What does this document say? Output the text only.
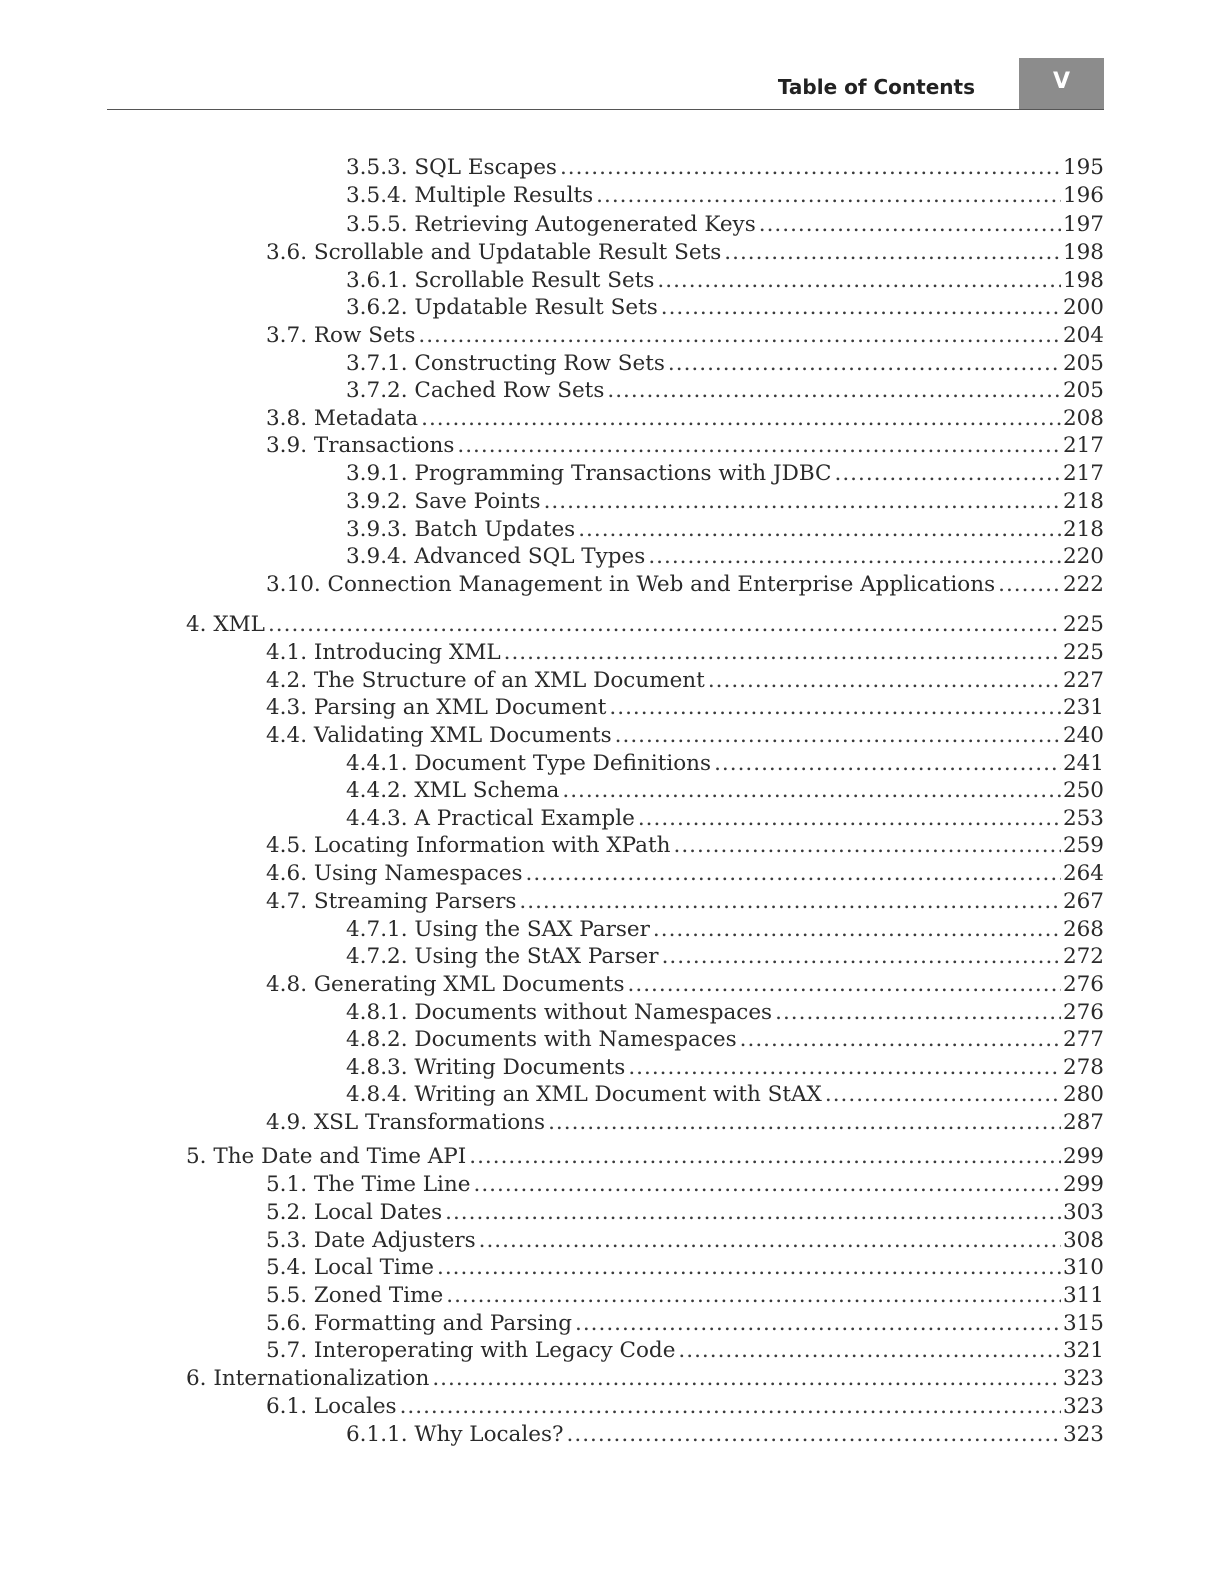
Table of Contents	V
3.5.3. SQL Escapes .....	195
3.5.4. Multiple Results .....	196
3.5.5. Retrieving Autogenerated Keys .....	197
3.6. Scrollable and Updatable Result Sets .....	198
3.6.1. Scrollable Result Sets .....	198
3.6.2. Updatable Result Sets .....	200
3.7. Row Sets .....	204
3.7.1. Constructing Row Sets .....	205
3.7.2. Cached Row Sets .....	205
3.8. Metadata .....	208
3.9. Transactions .....	217
3.9.1. Programming Transactions with JDBC .....	217
3.9.2. Save Points .....	218
3.9.3. Batch Updates .....	218
3.9.4. Advanced SQL Types .....	220
3.10. Connection Management in Web and Enterprise Applications .....	222
4. XML .....	225
4.1. Introducing XML .....	225
4.2. The Structure of an XML Document .....	227
4.3. Parsing an XML Document .....	231
4.4. Validating XML Documents .....	240
4.4.1. Document Type Definitions .....	241
4.4.2. XML Schema .....	250
4.4.3. A Practical Example .....	253
4.5. Locating Information with XPath .....	259
4.6. Using Namespaces .....	264
4.7. Streaming Parsers .....	267
4.7.1. Using the SAX Parser .....	268
4.7.2. Using the StAX Parser .....	272
4.8. Generating XML Documents .....	276
4.8.1. Documents without Namespaces .....	276
4.8.2. Documents with Namespaces .....	277
4.8.3. Writing Documents .....	278
4.8.4. Writing an XML Document with StAX .....	280
4.9. XSL Transformations .....	287
5. The Date and Time API .....	299
5.1. The Time Line .....	299
5.2. Local Dates .....	303
5.3. Date Adjusters .....	308
5.4. Local Time .....	310
5.5. Zoned Time .....	311
5.6. Formatting and Parsing .....	315
5.7. Interoperating with Legacy Code .....	321
6. Internationalization .....	323
6.1. Locales .....	323
6.1.1. Why Locales? .....	323
